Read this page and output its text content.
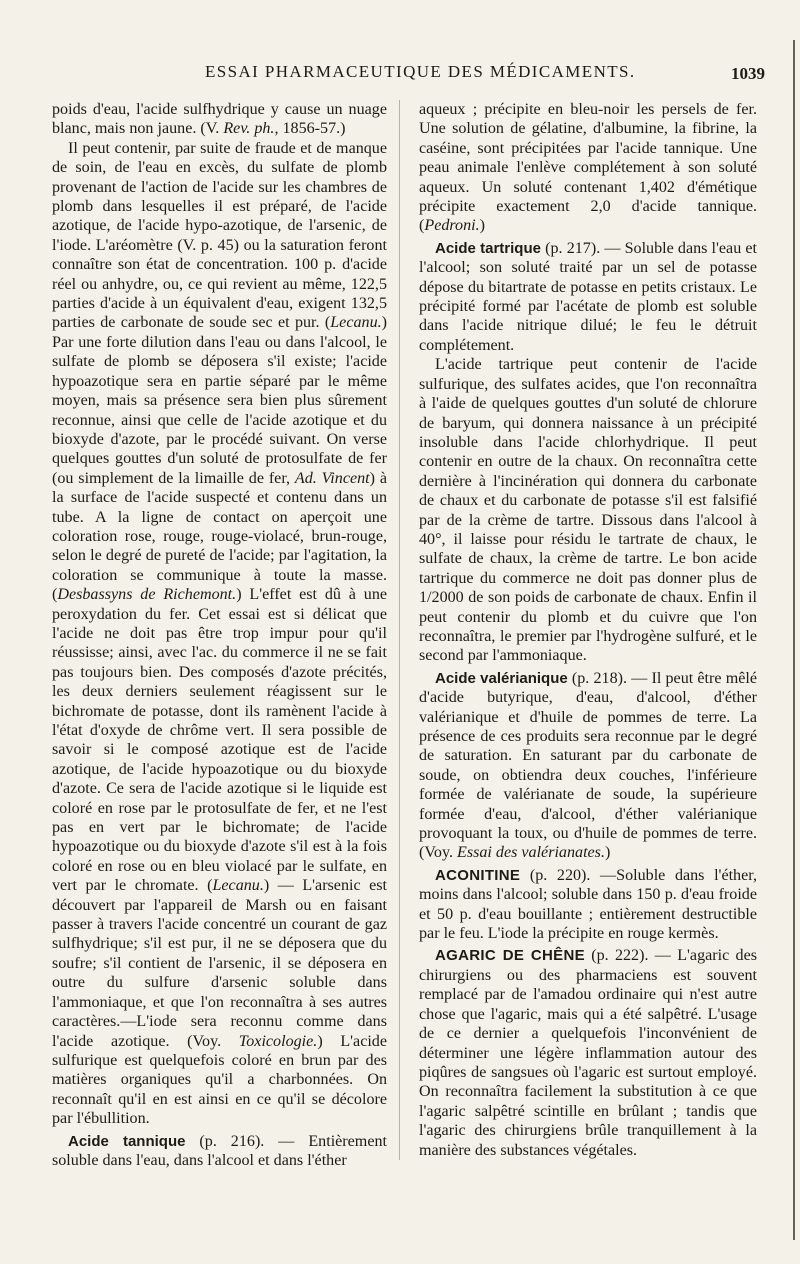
ESSAI PHARMACEUTIQUE DES MÉDICAMENTS.	1039

poids d'eau, l'acide sulfhydrique y cause un nuage blanc, mais non jaune. (V. Rev. ph., 1856-57.)

Il peut contenir, par suite de fraude et de manque de soin, de l'eau en excès, du sulfate de plomb provenant de l'action de l'acide sur les chambres de plomb dans lesquelles il est préparé, de l'acide azotique, de l'acide hypo-azotique, de l'arsenic, de l'iode. L'aréomètre (V. p. 45) ou la saturation feront connaître son état de concentration. 100 p. d'acide réel ou anhydre, ou, ce qui revient au même, 122,5 parties d'acide à un équivalent d'eau, exigent 132,5 parties de carbonate de soude sec et pur. (Lecanu.) Par une forte dilution dans l'eau ou dans l'alcool, le sulfate de plomb se déposera s'il existe; l'acide hypoazotique sera en partie séparé par le même moyen, mais sa présence sera bien plus sûrement reconnue, ainsi que celle de l'acide azotique et du bioxyde d'azote, par le procédé suivant. On verse quelques gouttes d'un soluté de protosulfate de fer (ou simplement de la limaille de fer, Ad. Vincent) à la surface de l'acide suspecté et contenu dans un tube. A la ligne de contact on aperçoit une coloration rose, rouge, rouge-violacé, brun-rouge, selon le degré de pureté de l'acide; par l'agitation, la coloration se communique à toute la masse. (Desbassyns de Richemont.) L'effet est dû à une peroxydation du fer. Cet essai est si délicat que l'acide ne doit pas être trop impur pour qu'il réussisse; ainsi, avec l'ac. du commerce il ne se fait pas toujours bien. Des composés d'azote précités, les deux derniers seulement réagissent sur le bichromate de potasse, dont ils ramènent l'acide à l'état d'oxyde de chrôme vert. Il sera possible de savoir si le composé azotique est de l'acide azotique, de l'acide hypoazotique ou du bioxyde d'azote. Ce sera de l'acide azotique si le liquide est coloré en rose par le protosulfate de fer, et ne l'est pas en vert par le bichromate; de l'acide hypoazotique ou du bioxyde d'azote s'il est à la fois coloré en rose ou en bleu violacé par le sulfate, en vert par le chromate. (Lecanu.) — L'arsenic est découvert par l'appareil de Marsh ou en faisant passer à travers l'acide concentré un courant de gaz sulfhydrique; s'il est pur, il ne se déposera que du soufre; s'il contient de l'arsenic, il se déposera en outre du sulfure d'arsenic soluble dans l'ammoniaque, et que l'on reconnaîtra à ses autres caractères.—L'iode sera reconnu comme dans l'acide azotique. (Voy. Toxicologie.) L'acide sulfurique est quelquefois coloré en brun par des matières organiques qu'il a charbonnées. On reconnaît qu'il en est ainsi en ce qu'il se décolore par l'ébullition.

Acide tannique (p. 216). — Entièrement soluble dans l'eau, dans l'alcool et dans l'éther

aqueux ; précipite en bleu-noir les persels de fer. Une solution de gélatine, d'albumine, la fibrine, la caséine, sont précipitées par l'acide tannique. Une peau animale l'enlève complétement à son soluté aqueux. Un soluté contenant 1,402 d'émétique précipite exactement 2,0 d'acide tannique. (Pedroni.)

Acide tartrique (p. 217). — Soluble dans l'eau et l'alcool; son soluté traité par un sel de potasse dépose du bitartrate de potasse en petits cristaux. Le précipité formé par l'acétate de plomb est soluble dans l'acide nitrique dilué; le feu le détruit complétement.

L'acide tartrique peut contenir de l'acide sulfurique, des sulfates acides, que l'on reconnaîtra à l'aide de quelques gouttes d'un soluté de chlorure de baryum, qui donnera naissance à un précipité insoluble dans l'acide chlorhydrique. Il peut contenir en outre de la chaux. On reconnaîtra cette dernière à l'incinération qui donnera du carbonate de chaux et du carbonate de potasse s'il est falsifié par de la crème de tartre. Dissous dans l'alcool à 40°, il laisse pour résidu le tartrate de chaux, le sulfate de chaux, la crème de tartre. Le bon acide tartrique du commerce ne doit pas donner plus de 1/2000 de son poids de carbonate de chaux. Enfin il peut contenir du plomb et du cuivre que l'on reconnaîtra, le premier par l'hydrogène sulfuré, et le second par l'ammoniaque.

Acide valérianique (p. 218). — Il peut être mêlé d'acide butyrique, d'eau, d'alcool, d'éther valérianique et d'huile de pommes de terre. La présence de ces produits sera reconnue par le degré de saturation. En saturant par du carbonate de soude, on obtiendra deux couches, l'inférieure formée de valérianate de soude, la supérieure formée d'eau, d'alcool, d'éther valérianique provoquant la toux, ou d'huile de pommes de terre. (Voy. Essai des valérianates.)

ACONITINE (p. 220). —Soluble dans l'éther, moins dans l'alcool; soluble dans 150 p. d'eau froide et 50 p. d'eau bouillante ; entièrement destructible par le feu. L'iode la précipite en rouge kermès.

AGARIC DE CHÊNE (p. 222). — L'agaric des chirurgiens ou des pharmaciens est souvent remplacé par de l'amadou ordinaire qui n'est autre chose que l'agaric, mais qui a été salpêtré. L'usage de ce dernier a quelquefois l'inconvénient de déterminer une légère inflammation autour des piqûres de sangsues où l'agaric est surtout employé. On reconnaîtra facilement la substitution à ce que l'agaric salpêtré scintille en brûlant ; tandis que l'agaric des chirurgiens brûle tranquillement à la manière des substances végétales.
